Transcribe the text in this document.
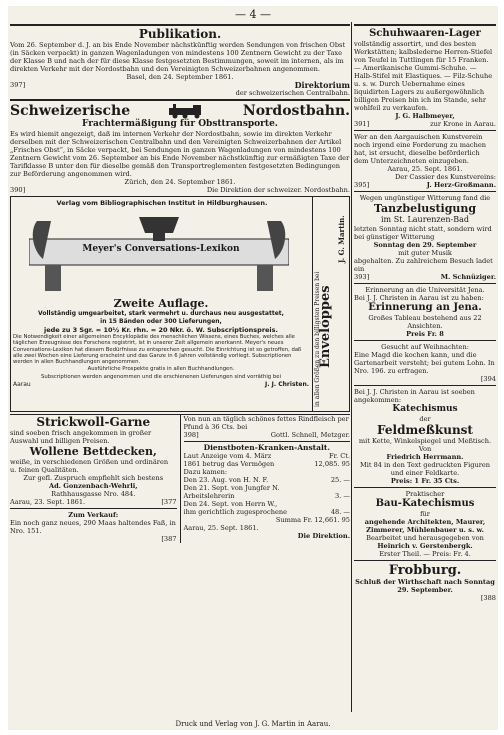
— 4 —
Publikation.

Vom 26. September d. J. an bis Ende November nächstkünftig werden Sendungen von frischen Obst (in Säcken verpackt) in ganzen Wagenladungen von mindestens 100 Zentnern Gewicht zu der Taxe der Klasse B und nach der für diese Klasse festgesetzten Bestimmungen, soweit im internen, als im direkten Verkehr mit der Nordostbahn und den Vereinigten Schweizerbahnen angenommen.

Basel, den 24. September 1861.

397]	Direktorium

der schweizerischen Centralbahn.

Schweizerische	Nordostbahn.
Frachtermäßigung für Obsttransporte.

Es wird hiemit angezeigt, daß im internen Verkehr der Nordostbahn, sowie im direkten Verkehr derselben mit der Schweizerischen Centralbahn und den Vereinigten Schweizerbahnen der Artikel „Frisches Obst“, in Säcke verpackt, bei Sendungen in ganzen Wagenladungen von mindestens 100 Zentnern Gewicht vom 26. September an bis Ende November nächstkünftig zur ermäßigten Taxe der Tarifklasse B unter den für dieselbe gemäß den Transportreglementen festgesetzten Bedingungen zur Beförderung angenommen wird.

Zürich, den 24. September 1861.

390]	Die Direktion der schweizer. Nordostbahn.
Verlag vom Bibliographischen Institut in Hildburghausen.
Meyer's Conversations-Lexikon
Zweite Auflage.

Vollständig umgearbeitet, stark vermehrt u. durchaus neu ausgestattet,

in 15 Bänden oder 300 Lieferungen,

jede zu 3 Sgr. = 10½ Kr. rhn. = 20 Nkr. ö. W. Subscriptionspreis.

Die Notwendigkeit einer allgemeinen Encyklopädie des menschlichen Wissens, eines Buches, welches alle täglichen Erzeugnisse des Forschens registrirt, ist in unserer Zeit allgemein anerkannt. Meyer's neues Conversations-Lexikon hat diesem Bedürfnisse zu entsprechen gesucht. Die Einrichtung ist so getroffen, daß alle zwei Wochen eine Lieferung erscheint und das Ganze in 6 Jahren vollständig vorliegt. Subscriptionen werden in allen Buchhandlungen angenommen.

Ausführliche Prospekte gratis in allen Buchhandlungen.

Subscriptionen werden angenommen und die erschienenen Lieferungen sind vorräthig bei

Aarau	J. J. Christen. in allen Größen zu den billigsten Preisen bei
Enveloppes
J. G. Martin.
Strickwoll-Garne

sind soeben frisch angekommen in großer Auswahl und billigen Preisen.

Wollene Bettdecken,

weiße, in verschiedenen Größen und ordinären u. feinen Qualitäten.

Zur gefl. Zuspruch empfiehlt sich bestens

Ad. Gonzenbach-Wehrli,

Rathhausgasse Nro. 484.

Aarau, 23. Sept. 1861.	[377

Zum Verkauf:

Ein noch ganz neues, 290 Maas haltendes Faß, in Nro. 151.

[387

Von nun an täglich schönes fettes Rindfleisch per Pfund à 36 Cts. bei

398]	Gottl. Schnell, Metzger.

Dienstboten-Kranken-Anstalt.

Laut Anzeige vom 4. März	Fr. Ct.
1861 betrug das Vermögen	12,085. 95

Dazu kamen:

Den 23. Aug. von H. N. F.	25. —

Den 21. Sept. von Jungfer N.

Arbeitslehrerin	3. —

Den 24. Sept. von Herrn W.,

ihm gerichtlich zugesprochene	48. —

Summa Fr. 12,661. 95

Aarau, 25. Sept. 1861.

Die Direktion.

Schuhwaaren-Lager

vollständig assortirt, und des besten Werkstätten; kalbslederne Herren-Stiefel von Teufel in Tuttlingen für 15 Franken. — Amerikanische Gummi-Schuhe. — Halb-Stifel mit Elastiques. — Filz-Schuhe u. s. w. Durch Uebernahme eines liquidirten Lagers zu außergewöhnlich billigen Preisen bin ich im Stande, sehr wohlfeil zu verkaufen.

J. G. Halbmeyer,

391]	zur Krone in Aarau.

Wer an den Aargauischen Kunstverein noch irgend eine Forderung zu machen hat, ist ersucht, dieselbe beförderlich dem Unterzeichneten einzugeben.

Aarau, 25. Sept. 1861.

Der Cassier des Kunstvereins:

395]	J. Herz-Großmann.

Wegen ungünstiger Witterung fand die

Tanzbelustigung

im St. Laurenzen-Bad

letzten Sonntag nicht statt, sondern wird bei günstiger Witterung

Sonntag den 29. September

mit guter Musik

abgehalten. Zu zahlreichem Besuch ladet ein

393]	M. Schnüziger.

Erinnerung an die Universität Jena.

Bei J. J. Christen in Aarau ist zu haben:

Erinnerung an Jena.

Großes Tableau bestehend aus 22 Ansichten.

Preis Fr. 8

Gesucht auf Weihnachten:

Eine Magd die kochen kann, und die Gartenarbeit versteht; bei gutem Lohn. In Nro. 196. zu erfragen.

[394

Bei J. J. Christen in Aarau ist soeben angekommen:

Katechismus

der

Feldmeßkunst

mit Kette, Winkelspiegel und Meßtisch.

Von

Friedrich Herrmann.

Mit 84 in den Text gedruckten Figuren und einer Feldkarte.

Preis: 1 Fr. 35 Cts.

Praktischer

Bau-Katechismus

für

angehende Architekten, Maurer, Zimmerer, Mühlenbauer u. s. w.

Bearbeitet und herausgegeben von

Heinrich v. Gerstenbergk.

Erster Theil. — Preis: Fr. 4.

Frobburg.

Schluß der Wirthschaft nach Sonntag 29. September.

[388

Druck und Verlag von J. G. Martin in Aarau.
